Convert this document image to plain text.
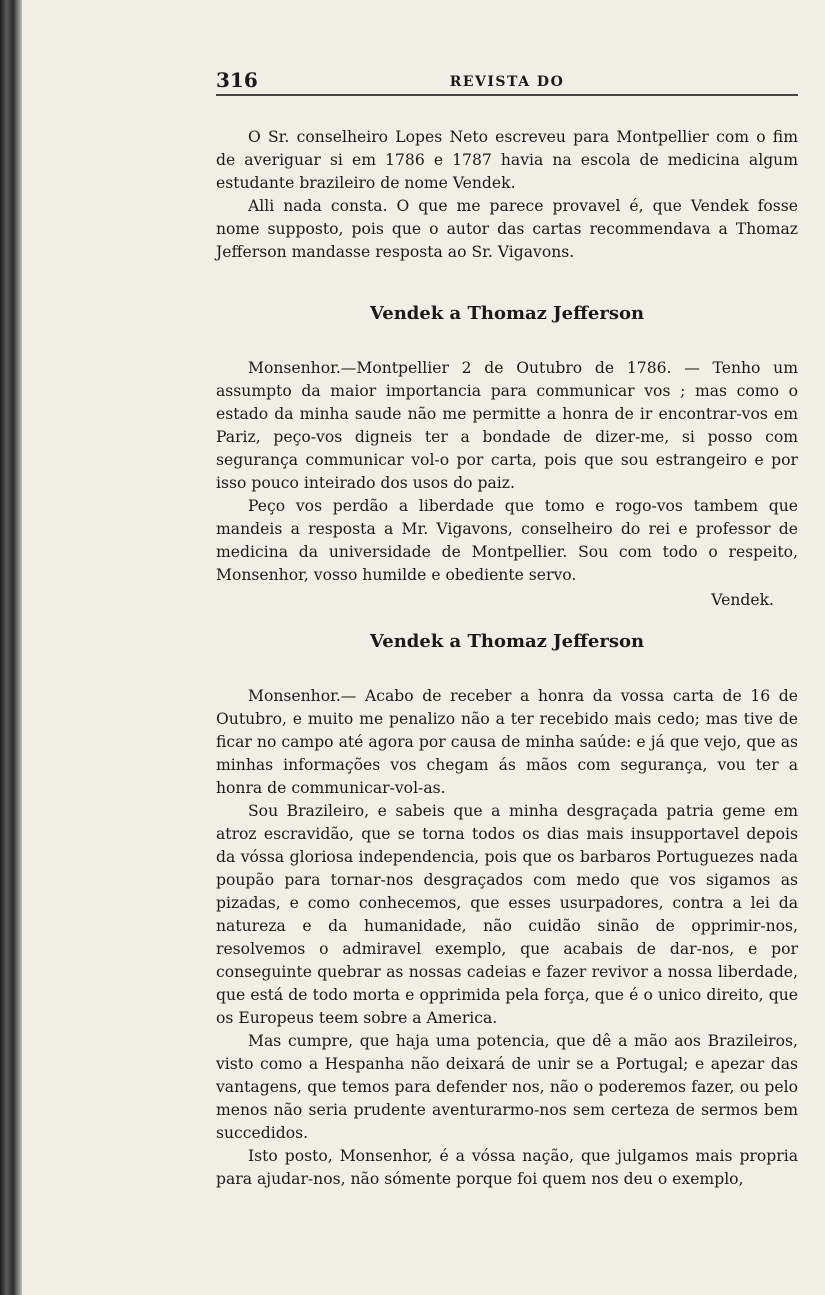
316	REVISTA DO

O Sr. conselheiro Lopes Neto escreveu para Montpellier com o fim de averiguar si em 1786 e 1787 havia na escola de medicina algum estudante brazileiro de nome Vendek.

Alli nada consta. O que me parece provavel é, que Vendek fosse nome supposto, pois que o autor das cartas recommendava a Thomaz Jefferson mandasse resposta ao Sr. Vigavons.

Vendek a Thomaz Jefferson

Monsenhor.—Montpellier 2 de Outubro de 1786. — Tenho um assumpto da maior importancia para communicar vos ; mas como o estado da minha saude não me permitte a honra de ir encontrar-vos em Pariz, peço-vos digneis ter a bondade de dizer-me, si posso com segurança communicar vol-o por carta, pois que sou estrangeiro e por isso pouco inteirado dos usos do paiz.

Peço vos perdão a liberdade que tomo e rogo-vos tambem que mandeis a resposta a Mr. Vigavons, conselheiro do rei e professor de medicina da universidade de Montpellier. Sou com todo o respeito, Monsenhor, vosso humilde e obediente servo.

Vendek.
Vendek a Thomaz Jefferson

Monsenhor.— Acabo de receber a honra da vossa carta de 16 de Outubro, e muito me penalizo não a ter recebido mais cedo; mas tive de ficar no campo até agora por causa de minha saúde: e já que vejo, que as minhas informações vos chegam ás mãos com segurança, vou ter a honra de communicar-vol-as.

Sou Brazileiro, e sabeis que a minha desgraçada patria geme em atroz escravidão, que se torna todos os dias mais insupportavel depois da vóssa gloriosa independencia, pois que os barbaros Portuguezes nada poupão para tornar-nos desgraçados com medo que vos sigamos as pizadas, e como conhecemos, que esses usurpadores, contra a lei da natureza e da humanidade, não cuidão sinão de opprimir-nos, resolvemos o admiravel exemplo, que acabais de dar-nos, e por conseguinte quebrar as nossas cadeias e fazer revivor a nossa liberdade, que está de todo morta e opprimida pela força, que é o unico direito, que os Europeus teem sobre a America.

Mas cumpre, que haja uma potencia, que dê a mão aos Brazileiros, visto como a Hespanha não deixará de unir se a Portugal; e apezar das vantagens, que temos para defender nos, não o poderemos fazer, ou pelo menos não seria prudente aventurarmo-nos sem certeza de sermos bem succedidos.

Isto posto, Monsenhor, é a vóssa nação, que julgamos mais propria para ajudar-nos, não sómente porque foi quem nos deu o exemplo,
